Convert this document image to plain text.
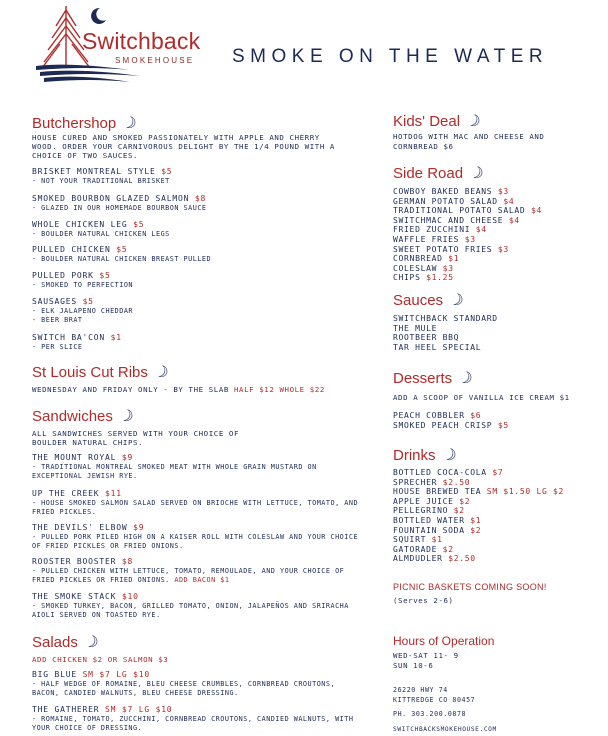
Switchback
SMOKEHOUSE SMOKE ON THE WATER
Butchershop ☽
HOUSE CURED AND SMOKED PASSIONATELY WITH APPLE AND CHERRY WOOD. ORDER YOUR CARNIVOROUS DELIGHT BY THE 1/4 POUND WITH A CHOICE OF TWO SAUCES.
BRISKET MONTREAL STYLE $5
- NOT YOUR TRADITIONAL BRISKET
SMOKED BOURBON GLAZED SALMON $8
- GLAZED IN OUR HOMEMADE BOURBON SAUCE
WHOLE CHICKEN LEG $5
- BOULDER NATURAL CHICKEN LEGS
PULLED CHICKEN $5
- BOULDER NATURAL CHICKEN BREAST PULLED
PULLED PORK $5
- SMOKED TO PERFECTION
SAUSAGES $5
- ELK JALAPENO CHEDDAR
- BEER BRAT
SWITCH BA'CON $1
- PER SLICE
St Louis Cut Ribs ☽
WEDNESDAY AND FRIDAY ONLY - BY THE SLAB HALF $12 WHOLE $22
Sandwiches ☽
ALL SANDWICHES SERVED WITH YOUR CHOICE OF BOULDER NATURAL CHIPS.
THE MOUNT ROYAL $9
- TRADITIONAL MONTREAL SMOKED MEAT WITH WHOLE GRAIN MUSTARD ON EXCEPTIONAL JEWISH RYE.
UP THE CREEK $11
- HOUSE SMOKED SALMON SALAD SERVED ON BRIOCHE WITH LETTUCE, TOMATO, AND FRIED PICKLES.
THE DEVILS' ELBOW $9
- PULLED PORK PILED HIGH ON A KAISER ROLL WITH COLESLAW AND YOUR CHOICE OF FRIED PICKLES OR FRIED ONIONS.
ROOSTER BOOSTER $8
- PULLED CHICKEN WITH LETTUCE, TOMATO, REMOULADE, AND YOUR CHOICE OF FRIED PICKLES OR FRIED ONIONS. ADD BACON $1
THE SMOKE STACK $10
- SMOKED TURKEY, BACON, GRILLED TOMATO, ONION, JALAPEÑOS AND SRIRACHA AIOLI SERVED ON TOASTED RYE.
Salads ☽
ADD CHICKEN $2 OR SALMON $3
BIG BLUE SM $7 LG $10
- HALF WEDGE OF ROMAINE, BLEU CHEESE CRUMBLES, CORNBREAD CROUTONS, BACON, CANDIED WALNUTS, BLEU CHEESE DRESSING.
THE GATHERER SM $7 LG $10
- ROMAINE, TOMATO, ZUCCHINI, CORNBREAD CROUTONS, CANDIED WALNUTS, WITH YOUR CHOICE OF DRESSING.
Kids' Deal ☽
HOTDOG WITH MAC AND CHEESE AND
CORNBREAD $6
Side Road ☽
COWBOY BAKED BEANS $3
GERMAN POTATO SALAD $4
TRADITIONAL POTATO SALAD $4
SWITCHMAC AND CHEESE $4
FRIED ZUCCHINI $4
WAFFLE FRIES $3
SWEET POTATO FRIES $3
CORNBREAD $1
COLESLAW $3
CHIPS $1.25
Sauces ☽
SWITCHBACK STANDARD
THE MULE
ROOTBEER BBQ
TAR HEEL SPECIAL
Desserts ☽
ADD A SCOOP OF VANILLA ICE CREAM $1
PEACH COBBLER $6
SMOKED PEACH CRISP $5
Drinks ☽
BOTTLED COCA-COLA $7
SPRECHER $2.50
HOUSE BREWED TEA SM $1.50 LG $2
APPLE JUICE $2
PELLEGRINO $2
BOTTLED WATER $1
FOUNTAIN SODA $2
SQUIRT $1
GATORADE $2
ALMDUDLER $2.50
PICNIC BASKETS COMING SOON!
(Serves 2-6)
Hours of Operation
WED-SAT 11- 9
SUN 10-6
26220 HWY 74
KITTREDGE CO 80457
PH. 303.200.0878
SWITCHBACKSMOKEHOUSE.COM
